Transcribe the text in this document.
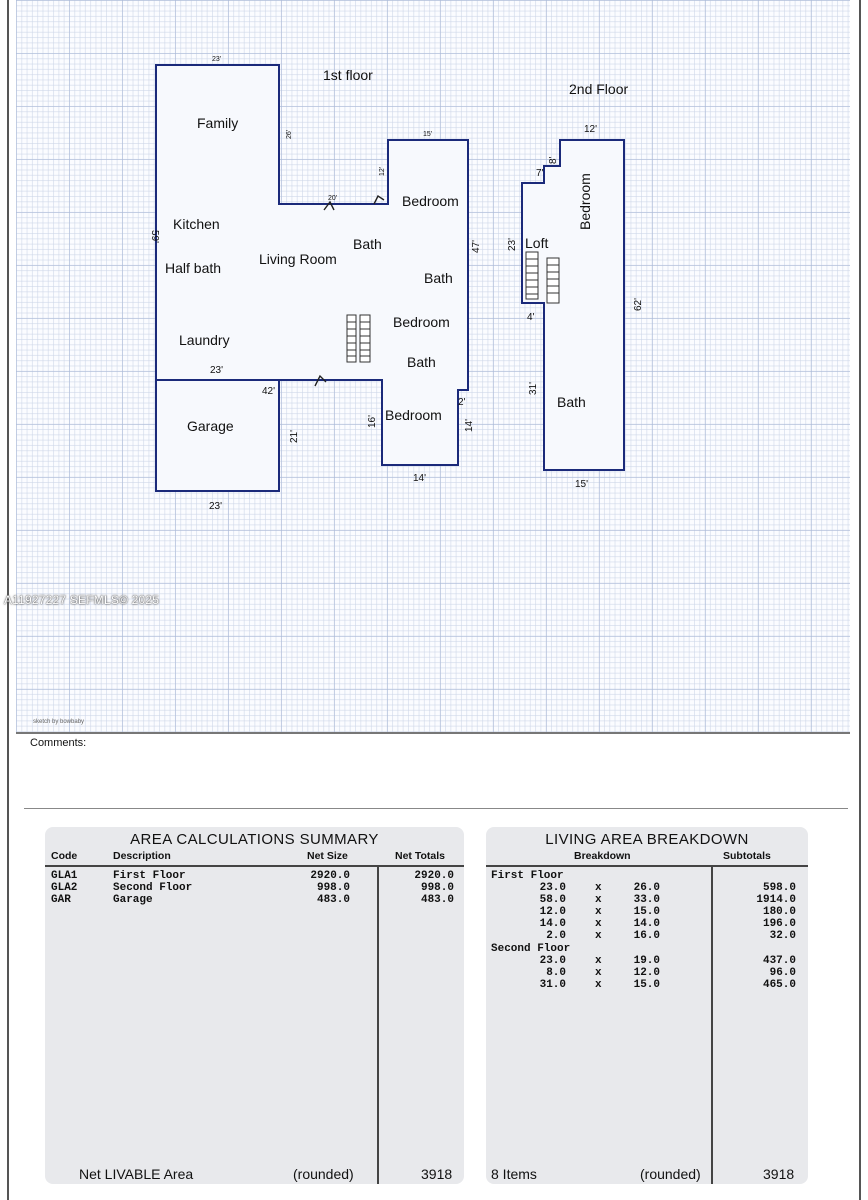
1st floor
2nd Floor
Family
Kitchen
Half bath
Living Room
Laundry
Garage
Bedroom
Bath
Bath
Bedroom
Bath
Bedroom
Loft
Bath
Bedroom
23'
26'	15'
12'
20'
59'
47'
23'
42'
21'
23'
16'
2'
14'
14'
12'
8'
7'
23'
4'
62'
31'
15'
A11927227 SEFMLS© 2025
sketch by bowbaby
Comments:
AREA CALCULATIONS SUMMARY
Code	Description	Net Size	Net Totals
GLA1	First Floor	2920.0	2920.0
GLA2	Second Floor	998.0	998.0
GAR	Garage	483.0	483.0
Net LIVABLE Area	(rounded)	3918
LIVING AREA BREAKDOWN
Breakdown	Subtotals
First Floor
23.0	x	26.0	598.0
58.0	x	33.0	1914.0
12.0	x	15.0	180.0
14.0	x	14.0	196.0
2.0	x	16.0	32.0
Second Floor
23.0	x	19.0	437.0
8.0	x	12.0	96.0
31.0	x	15.0	465.0
8 Items	(rounded)	3918
